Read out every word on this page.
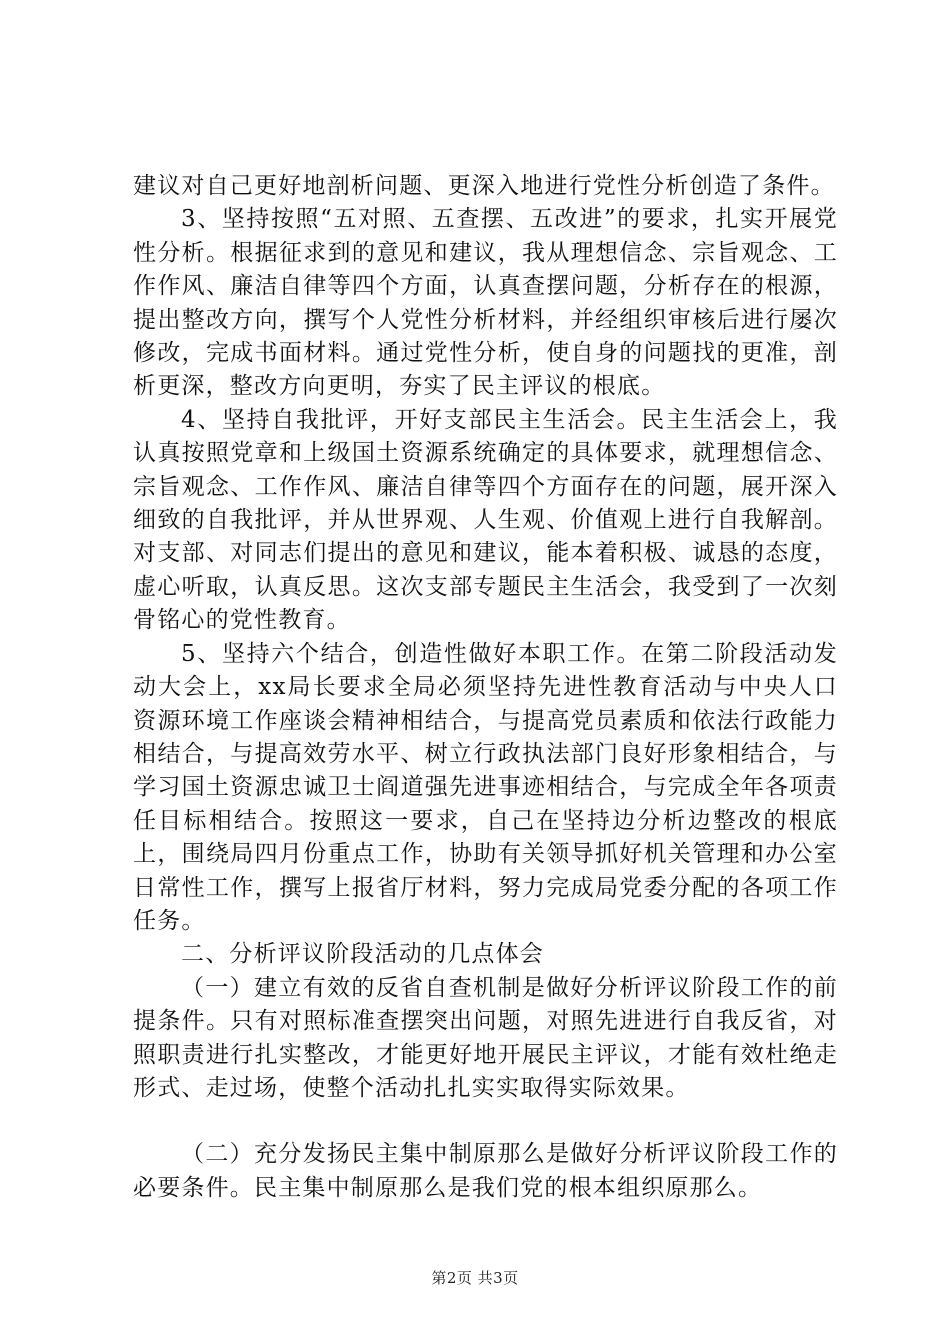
建议对自己更好地剖析问题、更深入地进行党性分析创造了条件。

3、坚持按照“五对照、五查摆、五改进”的要求，扎实开展党性分析。根据征求到的意见和建议，我从理想信念、宗旨观念、工作作风、廉洁自律等四个方面，认真查摆问题，分析存在的根源，提出整改方向，撰写个人党性分析材料，并经组织审核后进行屡次修改，完成书面材料。通过党性分析，使自身的问题找的更准，剖析更深，整改方向更明，夯实了民主评议的根底。

4、坚持自我批评，开好支部民主生活会。民主生活会上，我认真按照党章和上级国土资源系统确定的具体要求，就理想信念、宗旨观念、工作作风、廉洁自律等四个方面存在的问题，展开深入细致的自我批评，并从世界观、人生观、价值观上进行自我解剖。对支部、对同志们提出的意见和建议，能本着积极、诚恳的态度，虚心听取，认真反思。这次支部专题民主生活会，我受到了一次刻骨铭心的党性教育。

5、坚持六个结合，创造性做好本职工作。在第二阶段活动发动大会上，xx局长要求全局必须坚持先进性教育活动与中央人口资源环境工作座谈会精神相结合，与提高党员素质和依法行政能力相结合，与提高效劳水平、树立行政执法部门良好形象相结合，与学习国土资源忠诚卫士阎道强先进事迹相结合，与完成全年各项责任目标相结合。按照这一要求，自己在坚持边分析边整改的根底上，围绕局四月份重点工作，协助有关领导抓好机关管理和办公室日常性工作，撰写上报省厅材料，努力完成局党委分配的各项工作任务。

二、分析评议阶段活动的几点体会

（一）建立有效的反省自查机制是做好分析评议阶段工作的前提条件。只有对照标准查摆突出问题，对照先进进行自我反省，对照职责进行扎实整改，才能更好地开展民主评议，才能有效杜绝走形式、走过场，使整个活动扎扎实实取得实际效果。

（二）充分发扬民主集中制原那么是做好分析评议阶段工作的必要条件。民主集中制原那么是我们党的根本组织原那么。

第2页 共3页
